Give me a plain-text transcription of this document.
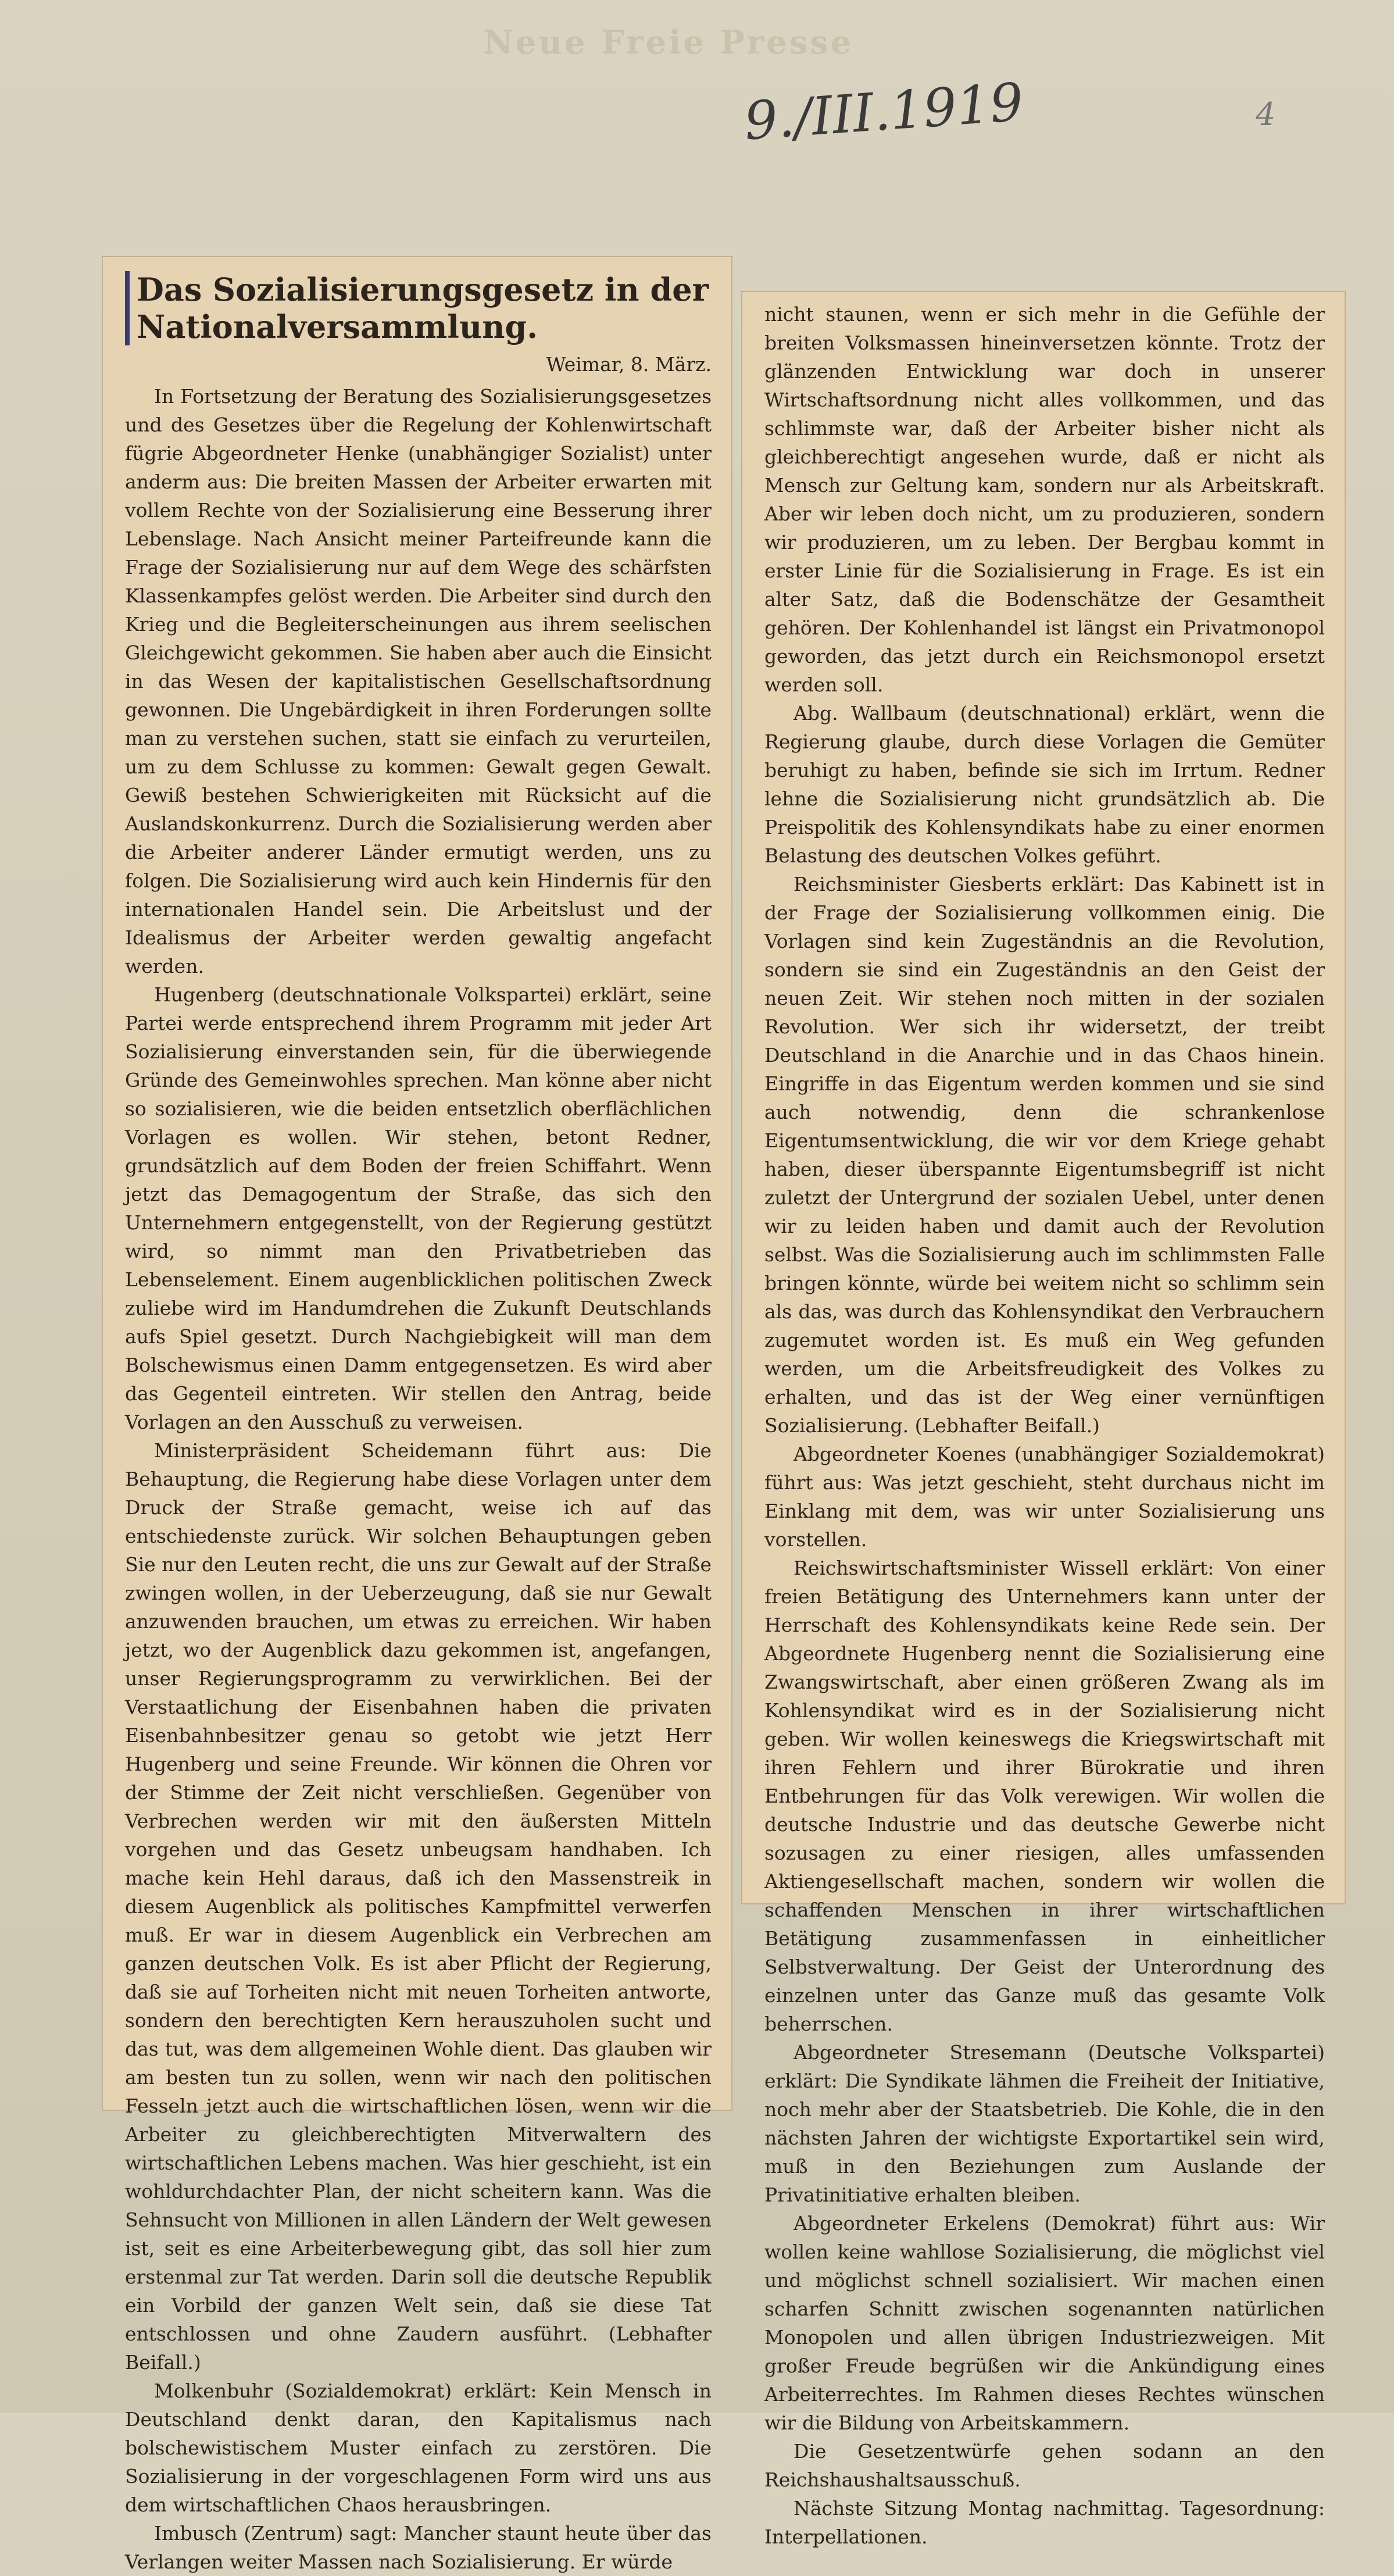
Neue Freie Presse
9./III.1919	4
Das Sozialisierungsgesetz in der Nationalversammlung.
Weimar, 8. März.

In Fortsetzung der Beratung des Sozialisierungsgesetzes und des Gesetzes über die Regelung der Kohlenwirtschaft fügrie Abgeordneter Henke (unabhängiger Sozialist) unter anderm aus: Die breiten Massen der Arbeiter erwarten mit vollem Rechte von der Sozialisierung eine Besserung ihrer Lebenslage. Nach Ansicht meiner Parteifreunde kann die Frage der Sozialisierung nur auf dem Wege des schärfsten Klassenkampfes gelöst werden. Die Arbeiter sind durch den Krieg und die Begleiterscheinungen aus ihrem seelischen Gleichgewicht gekommen. Sie haben aber auch die Einsicht in das Wesen der kapitalistischen Gesellschaftsordnung gewonnen. Die Ungebärdigkeit in ihren Forderungen sollte man zu verstehen suchen, statt sie einfach zu verurteilen, um zu dem Schlusse zu kommen: Gewalt gegen Gewalt. Gewiß bestehen Schwierigkeiten mit Rücksicht auf die Auslandskonkurrenz. Durch die Sozialisierung werden aber die Arbeiter anderer Länder ermutigt werden, uns zu folgen. Die Sozialisierung wird auch kein Hindernis für den internationalen Handel sein. Die Arbeitslust und der Idealismus der Arbeiter werden gewaltig angefacht werden.

Hugenberg (deutschnationale Volkspartei) erklärt, seine Partei werde entsprechend ihrem Programm mit jeder Art Sozialisierung einverstanden sein, für die überwiegende Gründe des Gemeinwohles sprechen. Man könne aber nicht so sozialisieren, wie die beiden entsetzlich oberflächlichen Vorlagen es wollen. Wir stehen, betont Redner, grundsätzlich auf dem Boden der freien Schiffahrt. Wenn jetzt das Demagogentum der Straße, das sich den Unternehmern entgegenstellt, von der Regierung gestützt wird, so nimmt man den Privatbetrieben das Lebenselement. Einem augenblicklichen politischen Zweck zuliebe wird im Handumdrehen die Zukunft Deutschlands aufs Spiel gesetzt. Durch Nachgiebigkeit will man dem Bolschewismus einen Damm entgegensetzen. Es wird aber das Gegenteil eintreten. Wir stellen den Antrag, beide Vorlagen an den Ausschuß zu verweisen.

Ministerpräsident Scheidemann führt aus: Die Behauptung, die Regierung habe diese Vorlagen unter dem Druck der Straße gemacht, weise ich auf das entschiedenste zurück. Wir solchen Behauptungen geben Sie nur den Leuten recht, die uns zur Gewalt auf der Straße zwingen wollen, in der Ueberzeugung, daß sie nur Gewalt anzuwenden brauchen, um etwas zu erreichen. Wir haben jetzt, wo der Augenblick dazu gekommen ist, angefangen, unser Regierungsprogramm zu verwirklichen. Bei der Verstaatlichung der Eisenbahnen haben die privaten Eisenbahnbesitzer genau so getobt wie jetzt Herr Hugenberg und seine Freunde. Wir können die Ohren vor der Stimme der Zeit nicht verschließen. Gegenüber von Verbrechen werden wir mit den äußersten Mitteln vorgehen und das Gesetz unbeugsam handhaben. Ich mache kein Hehl daraus, daß ich den Massenstreik in diesem Augenblick als politisches Kampfmittel verwerfen muß. Er war in diesem Augenblick ein Verbrechen am ganzen deutschen Volk. Es ist aber Pflicht der Regierung, daß sie auf Torheiten nicht mit neuen Torheiten antworte, sondern den berechtigten Kern herauszuholen sucht und das tut, was dem allgemeinen Wohle dient. Das glauben wir am besten tun zu sollen, wenn wir nach den politischen Fesseln jetzt auch die wirtschaftlichen lösen, wenn wir die Arbeiter zu gleichberechtigten Mitverwaltern des wirtschaftlichen Lebens machen. Was hier geschieht, ist ein wohldurchdachter Plan, der nicht scheitern kann. Was die Sehnsucht von Millionen in allen Ländern der Welt gewesen ist, seit es eine Arbeiterbewegung gibt, das soll hier zum erstenmal zur Tat werden. Darin soll die deutsche Republik ein Vorbild der ganzen Welt sein, daß sie diese Tat entschlossen und ohne Zaudern ausführt. (Lebhafter Beifall.)

Molkenbuhr (Sozialdemokrat) erklärt: Kein Mensch in Deutschland denkt daran, den Kapitalismus nach bolschewistischem Muster einfach zu zerstören. Die Sozialisierung in der vorgeschlagenen Form wird uns aus dem wirtschaftlichen Chaos herausbringen.

Imbusch (Zentrum) sagt: Mancher staunt heute über das Verlangen weiter Massen nach Sozialisierung. Er würde

nicht staunen, wenn er sich mehr in die Gefühle der breiten Volksmassen hineinversetzen könnte. Trotz der glänzenden Entwicklung war doch in unserer Wirtschaftsordnung nicht alles vollkommen, und das schlimmste war, daß der Arbeiter bisher nicht als gleichberechtigt angesehen wurde, daß er nicht als Mensch zur Geltung kam, sondern nur als Arbeitskraft. Aber wir leben doch nicht, um zu produzieren, sondern wir produzieren, um zu leben. Der Bergbau kommt in erster Linie für die Sozialisierung in Frage. Es ist ein alter Satz, daß die Bodenschätze der Gesamtheit gehören. Der Kohlenhandel ist längst ein Privatmonopol geworden, das jetzt durch ein Reichsmonopol ersetzt werden soll.

Abg. Wallbaum (deutschnational) erklärt, wenn die Regierung glaube, durch diese Vorlagen die Gemüter beruhigt zu haben, befinde sie sich im Irrtum. Redner lehne die Sozialisierung nicht grundsätzlich ab. Die Preispolitik des Kohlensyndikats habe zu einer enormen Belastung des deutschen Volkes geführt.

Reichsminister Giesberts erklärt: Das Kabinett ist in der Frage der Sozialisierung vollkommen einig. Die Vorlagen sind kein Zugeständnis an die Revolution, sondern sie sind ein Zugeständnis an den Geist der neuen Zeit. Wir stehen noch mitten in der sozialen Revolution. Wer sich ihr widersetzt, der treibt Deutschland in die Anarchie und in das Chaos hinein. Eingriffe in das Eigentum werden kommen und sie sind auch notwendig, denn die schrankenlose Eigentumsentwicklung, die wir vor dem Kriege gehabt haben, dieser überspannte Eigentumsbegriff ist nicht zuletzt der Untergrund der sozialen Uebel, unter denen wir zu leiden haben und damit auch der Revolution selbst. Was die Sozialisierung auch im schlimmsten Falle bringen könnte, würde bei weitem nicht so schlimm sein als das, was durch das Kohlensyndikat den Verbrauchern zugemutet worden ist. Es muß ein Weg gefunden werden, um die Arbeitsfreudigkeit des Volkes zu erhalten, und das ist der Weg einer vernünftigen Sozialisierung. (Lebhafter Beifall.)

Abgeordneter Koenes (unabhängiger Sozialdemokrat) führt aus: Was jetzt geschieht, steht durchaus nicht im Einklang mit dem, was wir unter Sozialisierung uns vorstellen.

Reichswirtschaftsminister Wissell erklärt: Von einer freien Betätigung des Unternehmers kann unter der Herrschaft des Kohlensyndikats keine Rede sein. Der Abgeordnete Hugenberg nennt die Sozialisierung eine Zwangswirtschaft, aber einen größeren Zwang als im Kohlensyndikat wird es in der Sozialisierung nicht geben. Wir wollen keineswegs die Kriegswirtschaft mit ihren Fehlern und ihrer Bürokratie und ihren Entbehrungen für das Volk verewigen. Wir wollen die deutsche Industrie und das deutsche Gewerbe nicht sozusagen zu einer riesigen, alles umfassenden Aktiengesellschaft machen, sondern wir wollen die schaffenden Menschen in ihrer wirtschaftlichen Betätigung zusammenfassen in einheitlicher Selbstverwaltung. Der Geist der Unterordnung des einzelnen unter das Ganze muß das gesamte Volk beherrschen.

Abgeordneter Stresemann (Deutsche Volkspartei) erklärt: Die Syndikate lähmen die Freiheit der Initiative, noch mehr aber der Staatsbetrieb. Die Kohle, die in den nächsten Jahren der wichtigste Exportartikel sein wird, muß in den Beziehungen zum Auslande der Privatinitiative erhalten bleiben.

Abgeordneter Erkelens (Demokrat) führt aus: Wir wollen keine wahllose Sozialisierung, die möglichst viel und möglichst schnell sozialisiert. Wir machen einen scharfen Schnitt zwischen sogenannten natürlichen Monopolen und allen übrigen Industriezweigen. Mit großer Freude begrüßen wir die Ankündigung eines Arbeiterrechtes. Im Rahmen dieses Rechtes wünschen wir die Bildung von Arbeitskammern.

Die Gesetzentwürfe gehen sodann an den Reichshaushaltsausschuß.

Nächste Sitzung Montag nachmittag. Tagesordnung: Interpellationen.
